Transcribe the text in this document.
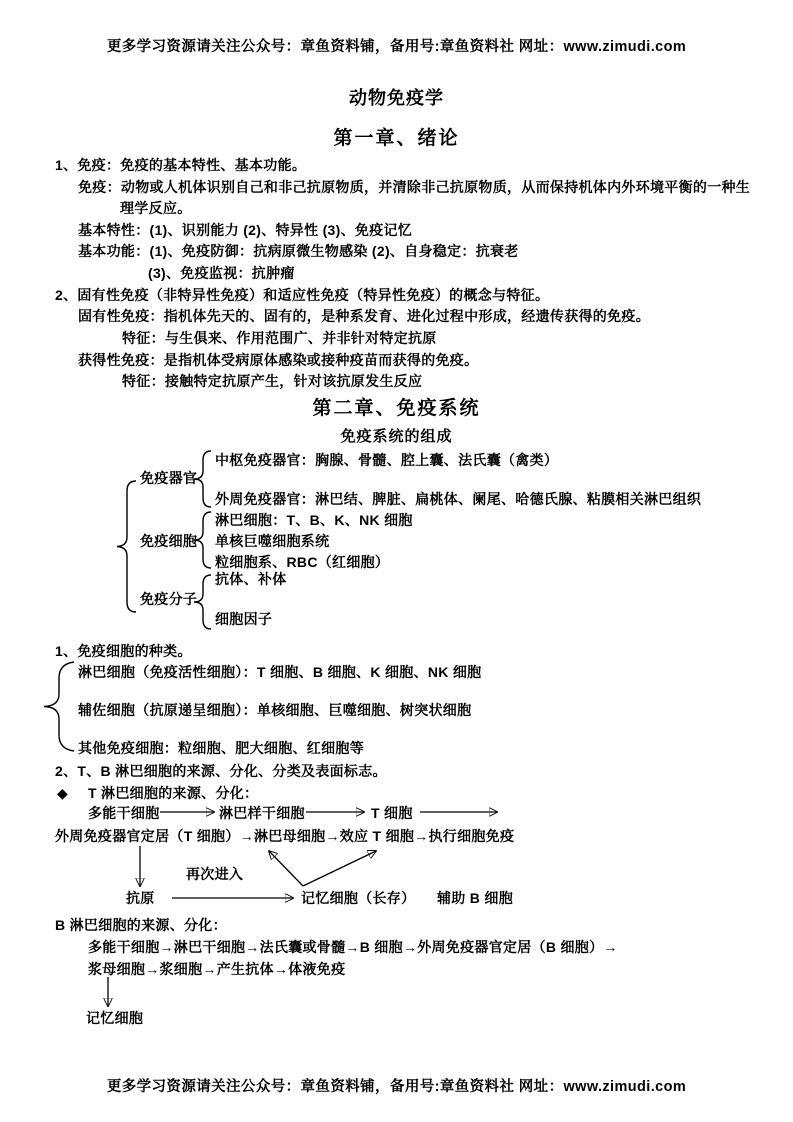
更多学习资源请关注公众号：章鱼资料铺，备用号:章鱼资料社 网址：www.zimudi.com
动物免疫学
第一章、绪论
1、免疫：免疫的基本特性、基本功能。
免疫：动物或人机体识别自己和非己抗原物质，并清除非己抗原物质，从而保持机体内外环境平衡的一种生
理学反应。
基本特性：(1)、识别能力 (2)、特异性 (3)、免疫记忆
基本功能：(1)、免疫防御：抗病原微生物感染 (2)、自身稳定：抗衰老
(3)、免疫监视：抗肿瘤
2、固有性免疫（非特异性免疫）和适应性免疫（特异性免疫）的概念与特征。
固有性免疫：指机体先天的、固有的，是种系发育、进化过程中形成，经遗传获得的免疫。
特征：与生俱来、作用范围广、并非针对特定抗原
获得性免疫：是指机体受病原体感染或接种疫苗而获得的免疫。
特征：接触特定抗原产生，针对该抗原发生反应
第二章、免疫系统
免疫系统的组成
免疫器官
中枢免疫器官：胸腺、骨髓、腔上囊、法氏囊（禽类）
外周免疫器官：淋巴结、脾脏、扁桃体、阑尾、哈德氏腺、粘膜相关淋巴组织
免疫细胞
淋巴细胞：T、B、K、NK 细胞
单核巨噬细胞系统
粒细胞系、RBC（红细胞）
免疫分子
抗体、补体
细胞因子
1、免疫细胞的种类。
淋巴细胞（免疫活性细胞）：T 细胞、B 细胞、K 细胞、NK 细胞
辅佐细胞（抗原递呈细胞）：单核细胞、巨噬细胞、树突状细胞
其他免疫细胞：粒细胞、肥大细胞、红细胞等
2、T、B 淋巴细胞的来源、分化、分类及表面标志。
◆ T 淋巴细胞的来源、分化：
多能干细胞	淋巴样干细胞	T 细胞
外周免疫器官定居（T 细胞）→淋巴母细胞→效应 T 细胞→执行细胞免疫
再次进入
抗原	记忆细胞（长存） 辅助 B 细胞
B 淋巴细胞的来源、分化：
多能干细胞→淋巴干细胞→法氏囊或骨髓→B 细胞→外周免疫器官定居（B 细胞）→
浆母细胞→浆细胞→产生抗体→体液免疫
记忆细胞
更多学习资源请关注公众号：章鱼资料铺，备用号:章鱼资料社 网址：www.zimudi.com
